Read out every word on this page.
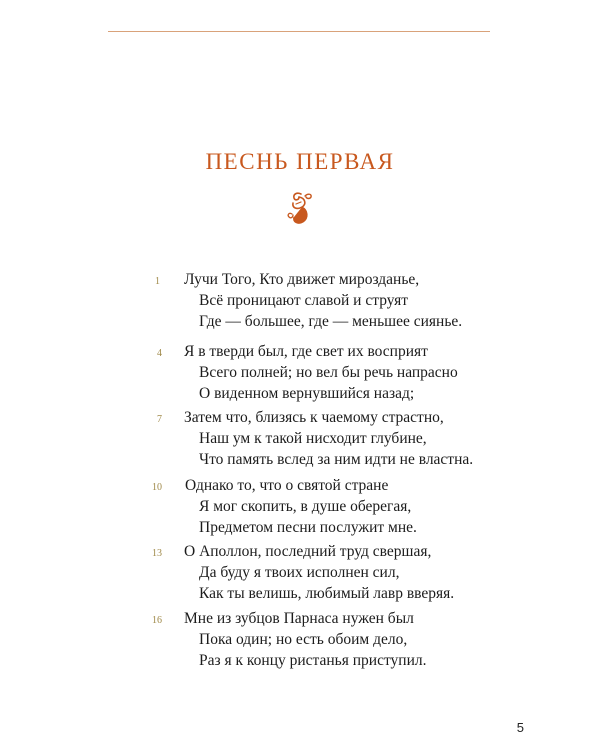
ПЕСНЬ ПЕРВАЯ
1	Лучи Того, Кто движет мирозданье,
Всё проницают славой и струят
Где — большее, где — меньшее сиянье.
4	Я в тверди был, где свет их восприят
Всего полней; но вел бы речь напрасно
О виденном вернувшийся назад;
7	Затем что, близясь к чаемому страстно,
Наш ум к такой нисходит глубине,
Что память вслед за ним идти не властна.
10	Однако то, что о святой стране
Я мог скопить, в душе оберегая,
Предметом песни послужит мне.
13	О Аполлон, последний труд свершая,
Да буду я твоих исполнен сил,
Как ты велишь, любимый лавр вверяя.
16	Мне из зубцов Парнаса нужен был
Пока один; но есть обоим дело,
Раз я к концу ристанья приступил.
5
